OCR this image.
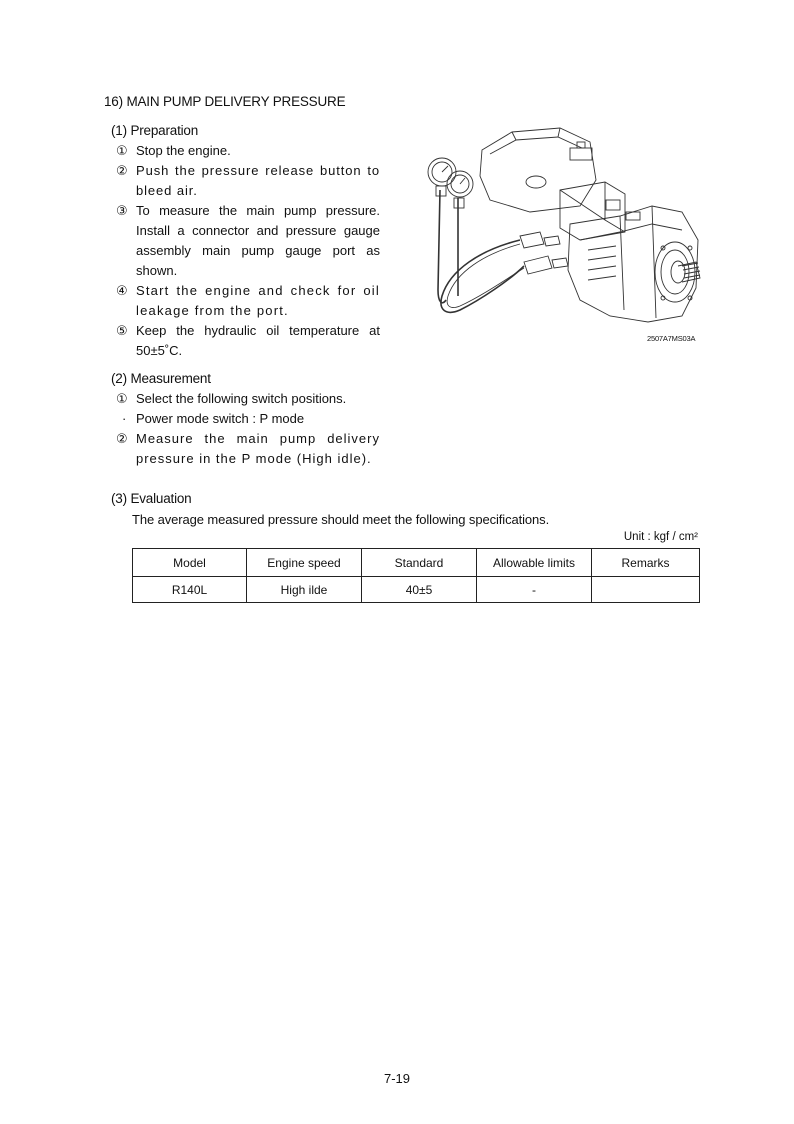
16) MAIN PUMP DELIVERY PRESSURE
(1) Preparation
① Stop the engine.
② Push the pressure release button to bleed air.
③ To measure the main pump pressure. Install a connector and pressure gauge assembly main pump gauge port as shown.
④ Start the engine and check for oil leakage from the port.
⑤ Keep the hydraulic oil temperature at 50±5˚C.
2507A7MS03A
(2) Measurement
① Select the following switch positions.
· Power mode switch : P mode
② Measure the main pump delivery pressure in the P mode (High idle).
(3) Evaluation
The average measured pressure should meet the following specifications.
Unit : kgf / cm²
Model	Engine speed	Standard	Allowable limits	Remarks
R140L	High ilde	40±5	-	
7-19
